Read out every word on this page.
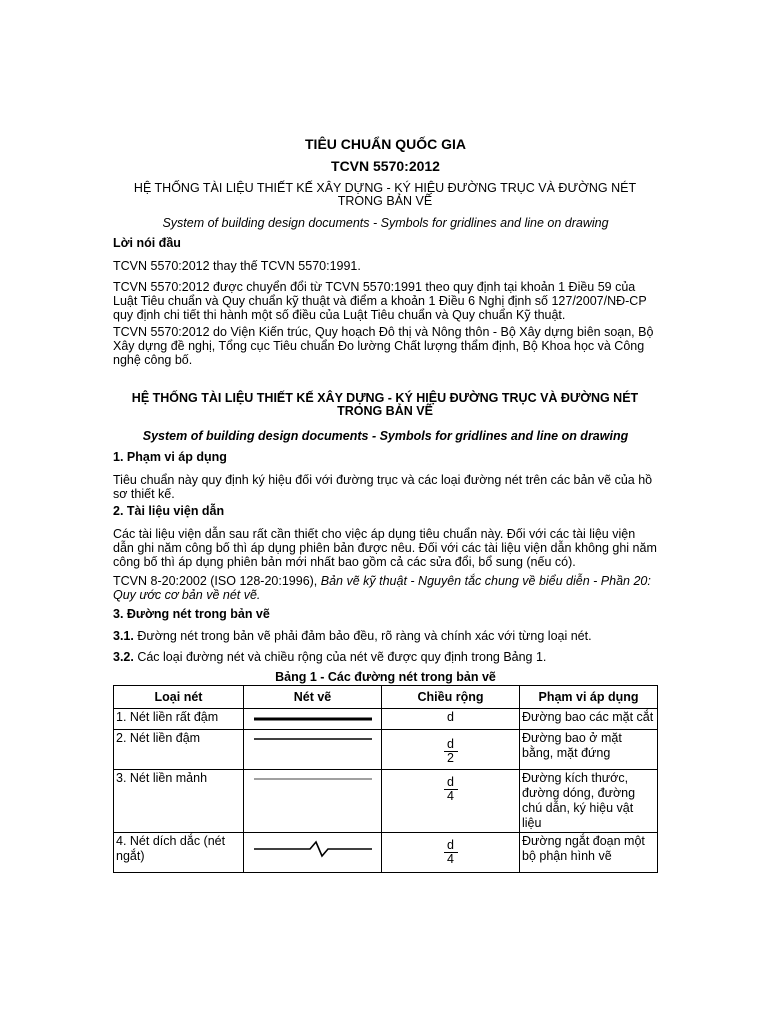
TIÊU CHUẨN QUỐC GIA
TCVN 5570:2012
HỆ THỐNG TÀI LIỆU THIẾT KẾ XÂY DỰNG - KÝ HIỆU ĐƯỜNG TRỤC VÀ ĐƯỜNG NÉT TRONG BẢN VẼ
System of building design documents - Symbols for gridlines and line on drawing
Lời nói đầu
TCVN 5570:2012 thay thế TCVN 5570:1991.
TCVN 5570:2012 được chuyển đổi từ TCVN 5570:1991 theo quy định tại khoản 1 Điều 59 của Luật Tiêu chuẩn và Quy chuẩn kỹ thuật và điểm a khoản 1 Điều 6 Nghị định số 127/2007/NĐ-CP quy định chi tiết thi hành một số điều của Luật Tiêu chuẩn và Quy chuẩn Kỹ thuật.
TCVN 5570:2012 do Viện Kiến trúc, Quy hoạch Đô thị và Nông thôn - Bộ Xây dựng biên soạn, Bộ Xây dựng đề nghị, Tổng cục Tiêu chuẩn Đo lường Chất lượng thẩm định, Bộ Khoa học và Công nghệ công bố.
HỆ THỐNG TÀI LIỆU THIẾT KẾ XÂY DỰNG - KÝ HIỆU ĐƯỜNG TRỤC VÀ ĐƯỜNG NÉT TRONG BẢN VẼ
System of building design documents - Symbols for gridlines and line on drawing
1. Phạm vi áp dụng
Tiêu chuẩn này quy định ký hiệu đối với đường trục và các loại đường nét trên các bản vẽ của hồ sơ thiết kế.
2. Tài liệu viện dẫn
Các tài liệu viện dẫn sau rất cần thiết cho việc áp dụng tiêu chuẩn này. Đối với các tài liệu viện dẫn ghi năm công bố thì áp dụng phiên bản được nêu. Đối với các tài liệu viện dẫn không ghi năm công bố thì áp dụng phiên bản mới nhất bao gồm cả các sửa đổi, bổ sung (nếu có).
TCVN 8-20:2002 (ISO 128-20:1996), Bản vẽ kỹ thuật - Nguyên tắc chung về biểu diễn - Phần 20: Quy ước cơ bản về nét vẽ.
3. Đường nét trong bản vẽ
3.1. Đường nét trong bản vẽ phải đảm bảo đều, rõ ràng và chính xác với từng loại nét.
3.2. Các loại đường nét và chiều rộng của nét vẽ được quy định trong Bảng 1.
Bảng 1 - Các đường nét trong bản vẽ
Loại nét	Nét vẽ	Chiều rộng	Phạm vi áp dụng
1. Nét liền rất đậm		d	Đường bao các mặt cắt
2. Nét liền đậm		$\frac{d}{2}$	Đường bao ở mặt bằng, mặt đứng
3. Nét liền mảnh		$\frac{d}{4}$	Đường kích thước, đường dóng, đường chú dẫn, ký hiệu vật liệu
4. Nét dích dắc (nét ngắt)		$\frac{d}{4}$	Đường ngắt đoạn một bộ phận hình vẽ
